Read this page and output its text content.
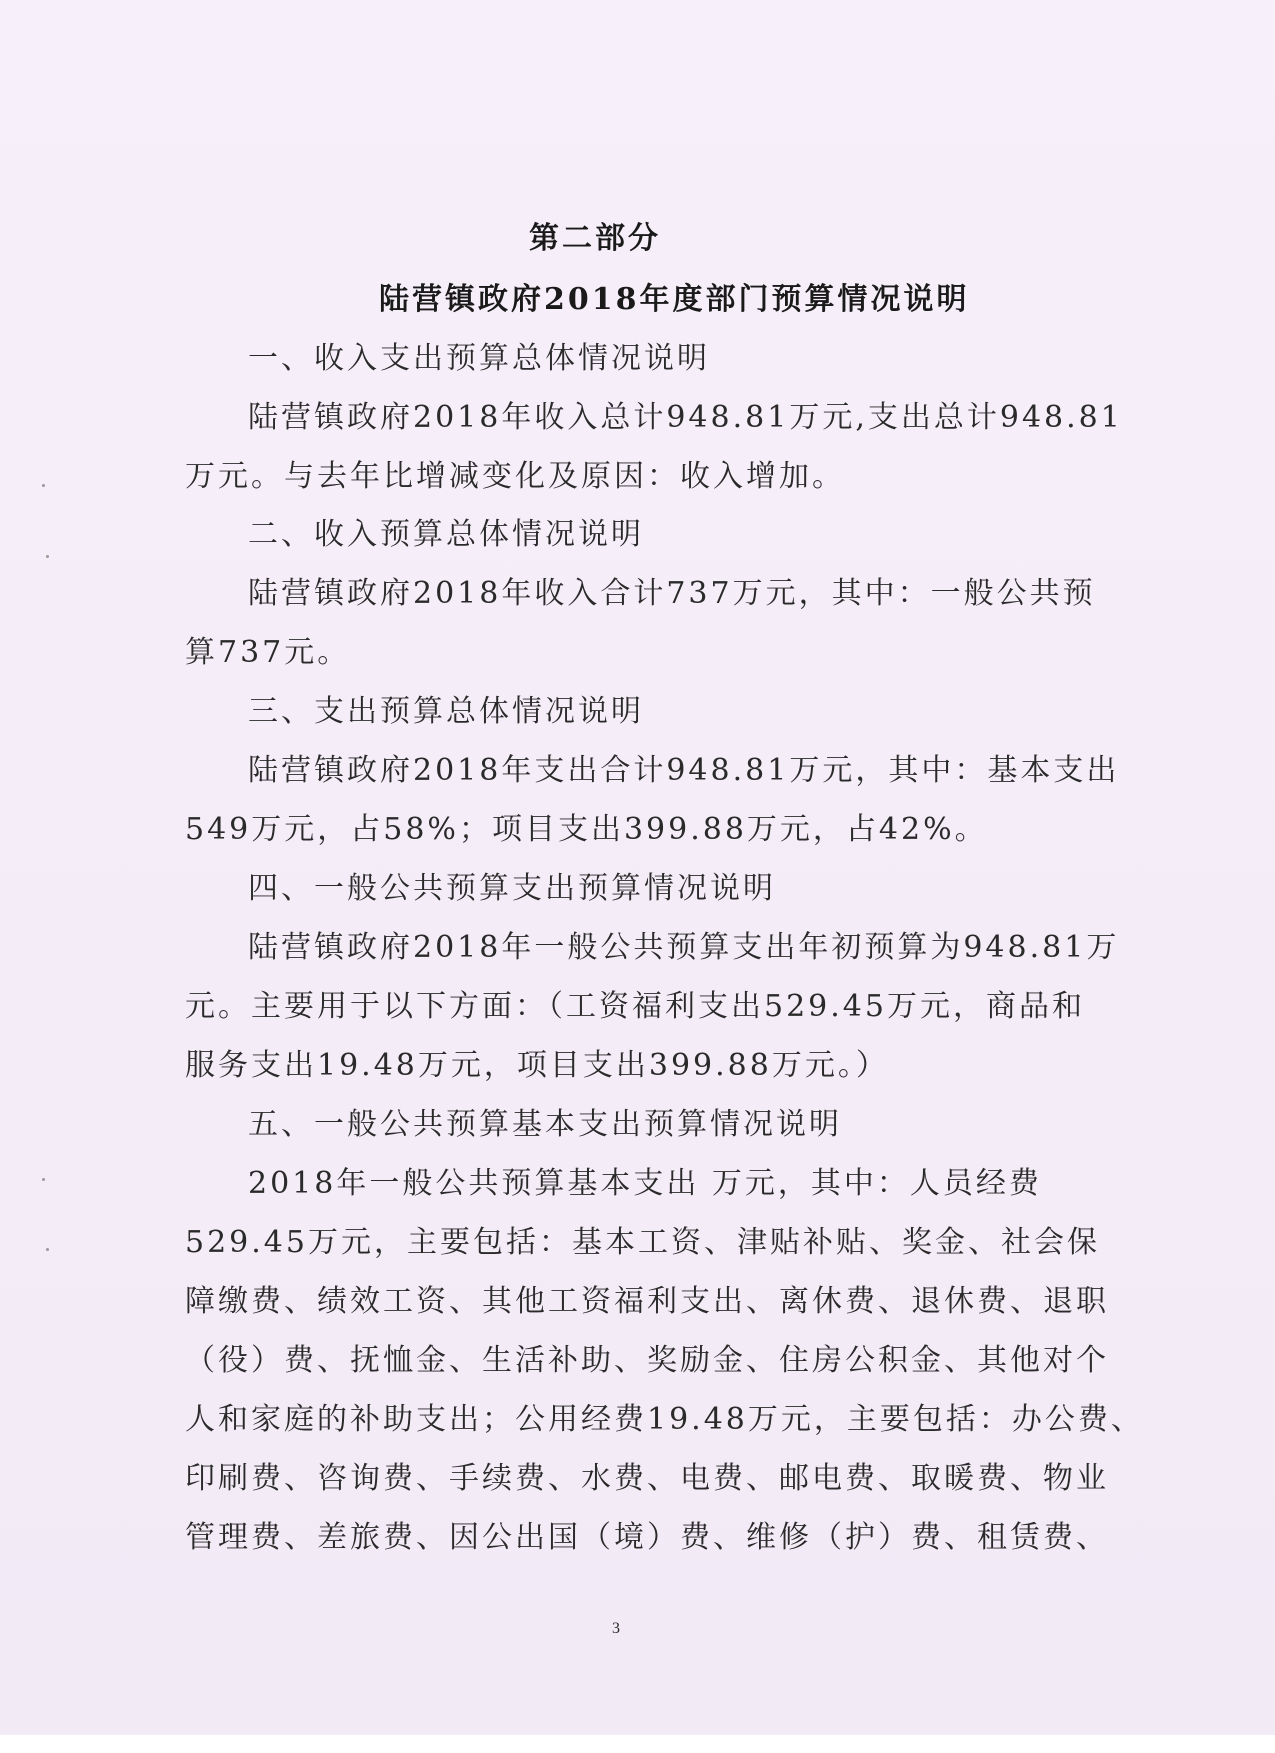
第二部分
陆营镇政府2018年度部门预算情况说明
一、收入支出预算总体情况说明
陆营镇政府2018年收入总计948.81万元,支出总计948.81
万元。与去年比增减变化及原因：收入增加。
二、收入预算总体情况说明
陆营镇政府2018年收入合计737万元，其中：一般公共预
算737元。
三、支出预算总体情况说明
陆营镇政府2018年支出合计948.81万元，其中：基本支出
549万元，占58%；项目支出399.88万元，占42%。
四、一般公共预算支出预算情况说明
陆营镇政府2018年一般公共预算支出年初预算为948.81万
元。主要用于以下方面：（工资福利支出529.45万元，商品和
服务支出19.48万元，项目支出399.88万元。）
五、一般公共预算基本支出预算情况说明
2018年一般公共预算基本支出 万元，其中：人员经费
529.45万元，主要包括：基本工资、津贴补贴、奖金、社会保
障缴费、绩效工资、其他工资福利支出、离休费、退休费、退职
（役）费、抚恤金、生活补助、奖励金、住房公积金、其他对个
人和家庭的补助支出；公用经费19.48万元，主要包括：办公费、
印刷费、咨询费、手续费、水费、电费、邮电费、取暖费、物业
管理费、差旅费、因公出国（境）费、维修（护）费、租赁费、
3
